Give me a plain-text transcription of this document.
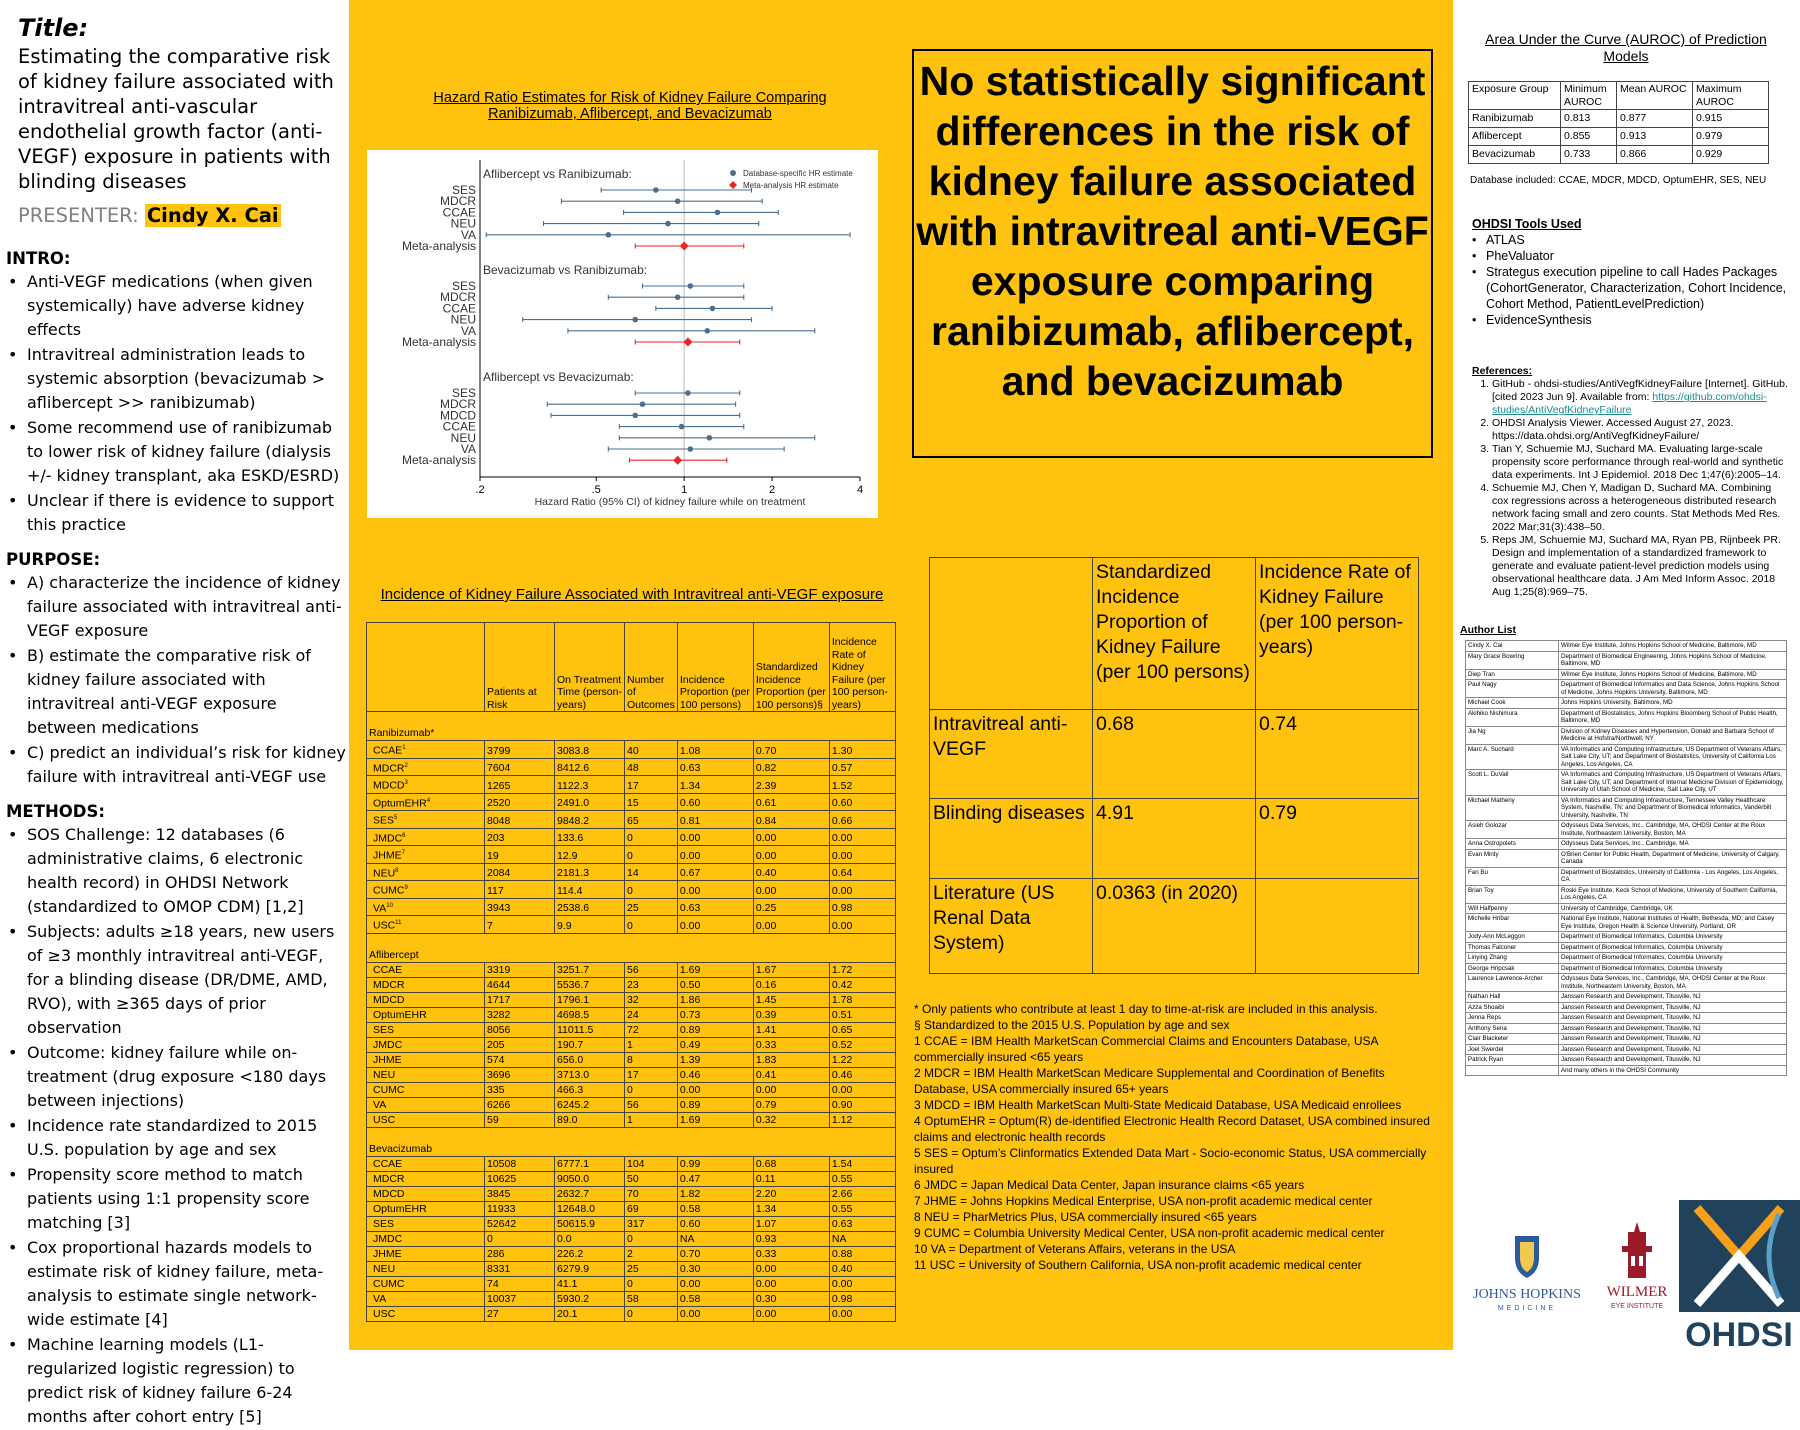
Title:
Estimating the comparative risk of kidney failure associated with intravitreal anti-vascular endothelial growth factor (anti-VEGF) exposure in patients with blinding diseases
PRESENTER: Cindy X. Cai
INTRO:
• Anti-VEGF medications (when given systemically) have adverse kidney effects
• Intravitreal administration leads to systemic absorption (bevacizumab > aflibercept >> ranibizumab)
• Some recommend use of ranibizumab to lower risk of kidney failure (dialysis +/- kidney transplant, aka ESKD/ESRD)
• Unclear if there is evidence to support this practice
PURPOSE:
• A) characterize the incidence of kidney failure associated with intravitreal anti-VEGF exposure
• B) estimate the comparative risk of kidney failure associated with intravitreal anti-VEGF exposure between medications
• C) predict an individual’s risk for kidney failure with intravitreal anti-VEGF use
METHODS:
• SOS Challenge: 12 databases (6 administrative claims, 6 electronic health record) in OHDSI Network (standardized to OMOP CDM) [1,2]
• Subjects: adults ≥18 years, new users of ≥3 monthly intravitreal anti-VEGF, for a blinding disease (DR/DME, AMD, RVO), with ≥365 days of prior observation
• Outcome: kidney failure while on-treatment (drug exposure <180 days between injections)
• Incidence rate standardized to 2015 U.S. population by age and sex
• Propensity score method to match patients using 1:1 propensity score matching [3]
• Cox proportional hazards models to estimate risk of kidney failure, meta-analysis to estimate single network-wide estimate [4]
• Machine learning models (L1-regularized logistic regression) to predict risk of kidney failure 6-24 months after cohort entry [5]
Hazard Ratio Estimates for Risk of Kidney Failure Comparing Ranibizumab, Aflibercept, and Bevacizumab
.2	.5	1	2	4
Hazard Ratio (95% CI) of kidney failure while on treatment
Database-specific HR estimate
Meta-analysis HR estimate
Aflibercept vs Ranibizumab:
SES
MDCR
CCAE
NEU
VA
Meta-analysis
Bevacizumab vs Ranibizumab:
SES
MDCR
CCAE
NEU
VA
Meta-analysis
Aflibercept vs Bevacizumab:
SES
MDCR
MDCD
CCAE
NEU
VA
Meta-analysis
No statistically significant differences in the risk of kidney failure associated with intravitreal anti-VEGF exposure comparing ranibizumab, aflibercept, and bevacizumab
Incidence of Kidney Failure Associated with Intravitreal anti-VEGF exposure
	Patients at Risk	On Treatment Time (person-years)	Number of Outcomes	Incidence Proportion (per 100 persons)	Standardized Incidence Proportion (per 100 persons)§	Incidence Rate of Kidney Failure (per 100 person-years)
Ranibizumab*						
CCAE$^1$	3799	3083.8	40	1.08	0.70	1.30
MDCR$^2$	7604	8412.6	48	0.63	0.82	0.57
MDCD$^3$	1265	1122.3	17	1.34	2.39	1.52
OptumEHR$^4$	2520	2491.0	15	0.60	0.61	0.60
SES$^5$	8048	9848.2	65	0.81	0.84	0.66
JMDC$^6$	203	133.6	0	0.00	0.00	0.00
JHME$^7$	19	12.9	0	0.00	0.00	0.00
NEU$^8$	2084	2181.3	14	0.67	0.40	0.64
CUMC$^9$	117	114.4	0	0.00	0.00	0.00
VA$^{10}$	3943	2538.6	25	0.63	0.25	0.98
USC$^{11}$	7	9.9	0	0.00	0.00	0.00
Aflibercept						
CCAE	3319	3251.7	56	1.69	1.67	1.72
MDCR	4644	5536.7	23	0.50	0.16	0.42
MDCD	1717	1796.1	32	1.86	1.45	1.78
OptumEHR	3282	4698.5	24	0.73	0.39	0.51
SES	8056	11011.5	72	0.89	1.41	0.65
JMDC	205	190.7	1	0.49	0.33	0.52
JHME	574	656.0	8	1.39	1.83	1.22
NEU	3696	3713.0	17	0.46	0.41	0.46
CUMC	335	466.3	0	0.00	0.00	0.00
VA	6266	6245.2	56	0.89	0.79	0.90
USC	59	89.0	1	1.69	0.32	1.12
Bevacizumab						
CCAE	10508	6777.1	104	0.99	0.68	1.54
MDCR	10625	9050.0	50	0.47	0.11	0.55
MDCD	3845	2632.7	70	1.82	2.20	2.66
OptumEHR	11933	12648.0	69	0.58	1.34	0.55
SES	52642	50615.9	317	0.60	1.07	0.63
JMDC	0	0.0	0	NA	0.93	NA
JHME	286	226.2	2	0.70	0.33	0.88
NEU	8331	6279.9	25	0.30	0.00	0.40
CUMC	74	41.1	0	0.00	0.00	0.00
VA	10037	5930.2	58	0.58	0.30	0.98
USC	27	20.1	0	0.00	0.00	0.00
	Standardized Incidence Proportion of Kidney Failure (per 100 persons)	Incidence Rate of Kidney Failure (per 100 person-years)
Intravitreal anti-VEGF	0.68	0.74
Blinding diseases	4.91	0.79
Literature (US Renal Data System)	0.0363 (in 2020)	
* Only patients who contribute at least 1 day to time-at-risk are included in this analysis.
§ Standardized to the 2015 U.S. Population by age and sex
1 CCAE = IBM Health MarketScan Commercial Claims and Encounters Database, USA commercially insured <65 years
2 MDCR = IBM Health MarketScan Medicare Supplemental and Coordination of Benefits Database, USA commercially insured 65+ years
3 MDCD = IBM Health MarketScan Multi-State Medicaid Database, USA Medicaid enrollees
4 OptumEHR = Optum(R) de-identified Electronic Health Record Dataset, USA combined insured claims and electronic health records
5 SES = Optum’s Clinformatics Extended Data Mart - Socio-economic Status, USA commercially insured
6 JMDC = Japan Medical Data Center, Japan insurance claims <65 years
7 JHME = Johns Hopkins Medical Enterprise, USA non-profit academic medical center
8 NEU = PharMetrics Plus, USA commercially insured <65 years
9 CUMC = Columbia University Medical Center, USA non-profit academic medical center
10 VA = Department of Veterans Affairs, veterans in the USA
11 USC = University of Southern California, USA non-profit academic medical center
Area Under the Curve (AUROC) of Prediction Models
Exposure Group	Minimum AUROC	Mean AUROC	Maximum AUROC
Ranibizumab	0.813	0.877	0.915
Aflibercept	0.855	0.913	0.979
Bevacizumab	0.733	0.866	0.929
Database included: CCAE, MDCR, MDCD, OptumEHR, SES, NEU
OHDSI Tools Used
• ATLAS
• PheValuator
• Strategus execution pipeline to call Hades Packages (CohortGenerator, Characterization, Cohort Incidence, Cohort Method, PatientLevelPrediction)
• EvidenceSynthesis
References:
1. GitHub - ohdsi-studies/AntiVegfKidneyFailure [Internet]. GitHub. [cited 2023 Jun 9]. Available from: https://github.com/ohdsi-studies/AntiVegfKidneyFailure
2. OHDSI Analysis Viewer. Accessed August 27, 2023. https://data.ohdsi.org/AntiVegfKidneyFailure/
3. Tian Y, Schuemie MJ, Suchard MA. Evaluating large-scale propensity score performance through real-world and synthetic data experiments. Int J Epidemiol. 2018 Dec 1;47(6):2005–14.
4. Schuemie MJ, Chen Y, Madigan D, Suchard MA. Combining cox regressions across a heterogeneous distributed research network facing small and zero counts. Stat Methods Med Res. 2022 Mar;31(3):438–50.
5. Reps JM, Schuemie MJ, Suchard MA, Ryan PB, Rijnbeek PR. Design and implementation of a standardized framework to generate and evaluate patient-level prediction models using observational healthcare data. J Am Med Inform Assoc. 2018 Aug 1;25(8):969–75.
Author List
Cindy X. Cai	Wilmer Eye Institute, Johns Hopkins School of Medicine, Baltimore, MD
Mary Grace Bowring	Department of Biomedical Engineering, Johns Hopkins School of Medicine, Baltimore, MD
Diep Tran	Wilmer Eye Institute, Johns Hopkins School of Medicine, Baltimore, MD
Paul Nagy	Department of Biomedical Informatics and Data Science, Johns Hopkins School of Medicine, Johns Hopkins University, Baltimore, MD
Michael Cook	Johns Hopkins University, Baltimore, MD
Akihiko Nishimura	Department of Biostatistics, Johns Hopkins Bloomberg School of Public Health, Baltimore, MD
Jia Ng	Division of Kidney Diseases and Hypertension, Donald and Barbara School of Medicine at Hofstra/Northwell, NY
Marc A. Suchard	VA Informatics and Computing Infrastructure, US Department of Veterans Affairs, Salt Lake City, UT; and Department of Biostatistics, University of California Los Angeles, Los Angeles, CA
Scott L. DuVall	VA Informatics and Computing Infrastructure, US Department of Veterans Affairs, Salt Lake City, UT; and Department of Internal Medicine Division of Epidemiology, University of Utah School of Medicine, Salt Lake City, UT
Michael Matheny	VA Informatics and Computing Infrastructure, Tennessee Valley Healthcare System, Nashville, TN; and Department of Biomedical Informatics, Vanderbilt University, Nashville, TN
Asieh Golozar	Odysseus Data Services, Inc., Cambridge, MA, OHDSI Center at the Roux Institute, Northeastern University, Boston, MA
Anna Ostropolets	Odysseus Data Services, Inc., Cambridge, MA
Evan Minty	O'Brien Center for Public Health, Department of Medicine, University of Calgary, Canada
Fan Bu	Department of Biostatistics, University of California - Los Angeles, Los Angeles, CA
Brian Toy	Roski Eye Institute, Keck School of Medicine, University of Southern California, Los Angeles, CA
Will Halfpenny	University of Cambridge, Cambridge, UK
Michelle Hribar	National Eye Institute, National Institutes of Health, Bethesda, MD; and Casey Eye Institute, Oregon Health & Science University, Portland, OR
Jody-Ann McLeggon	Department of Biomedical Informatics, Columbia University
Thomas Falconer	Department of Biomedical Informatics, Columbia University
Linying Zhang	Department of Biomedical Informatics, Columbia University
George Hripcsak	Department of Biomedical Informatics, Columbia University
Laurence Lawrence-Archer	Odysseus Data Services, Inc., Cambridge, MA, OHDSI Center at the Roux Institute, Northeastern University, Boston, MA
Nathan Hall	Janssen Research and Development, Titusville, NJ
Azza Shoaibi	Janssen Research and Development, Titusville, NJ
Jenna Reps	Janssen Research and Development, Titusville, NJ
Anthony Sena	Janssen Research and Development, Titusville, NJ
Clair Blacketer	Janssen Research and Development, Titusville, NJ
Joel Swerdel	Janssen Research and Development, Titusville, NJ
Patrick Ryan	Janssen Research and Development, Titusville, NJ
	And many others in the OHDSI Community
JOHNS HOPKINS
MEDICINE
WILMER
EYE INSTITUTE
OHDSI
